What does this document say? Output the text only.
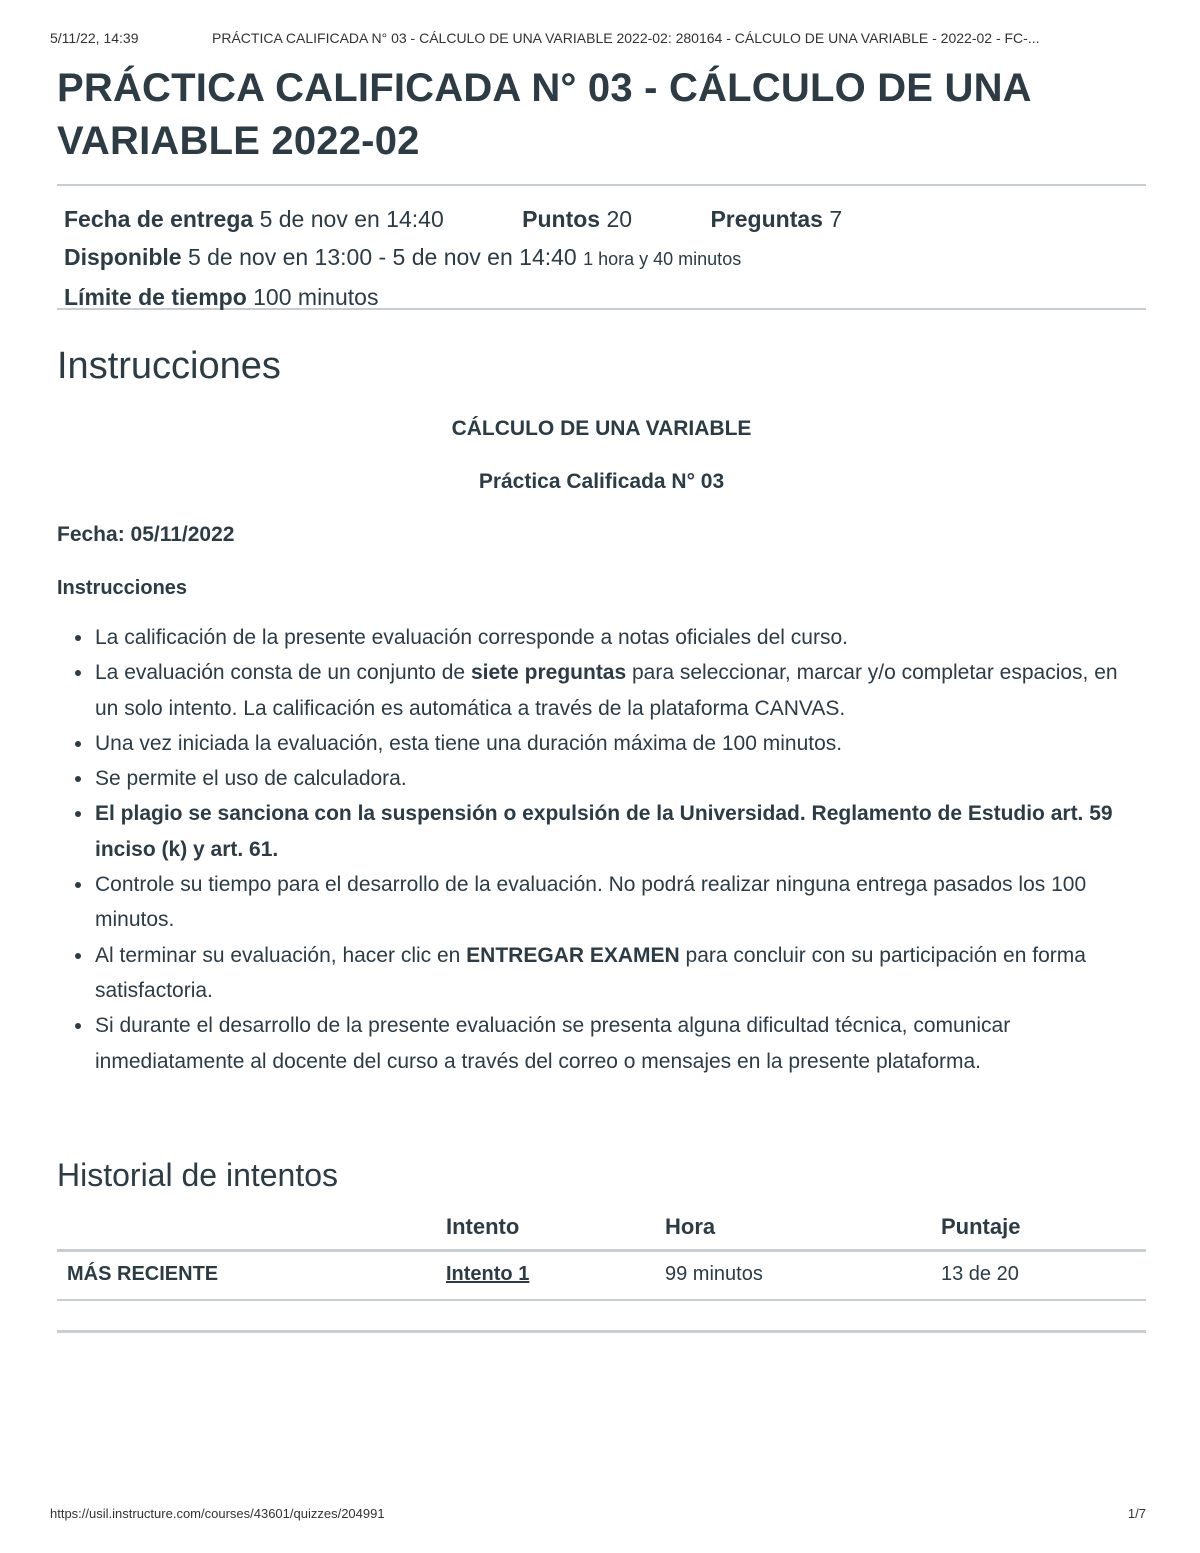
5/11/22, 14:39	PRÁCTICA CALIFICADA N° 03 - CÁLCULO DE UNA VARIABLE 2022-02: 280164 - CÁLCULO DE UNA VARIABLE - 2022-02 - FC-...
PRÁCTICA CALIFICADA N° 03 - CÁLCULO DE UNA
VARIABLE 2022-02
Fecha de entrega 5 de nov en 14:40	Puntos 20	Preguntas 7
Disponible 5 de nov en 13:00 - 5 de nov en 14:40 1 hora y 40 minutos
Límite de tiempo 100 minutos
Instrucciones
CÁLCULO DE UNA VARIABLE
Práctica Calificada N° 03
Fecha: 05/11/2022
Instrucciones
• La calificación de la presente evaluación corresponde a notas oficiales del curso.
• La evaluación consta de un conjunto de siete preguntas para seleccionar, marcar y/o completar espacios, en un solo intento. La calificación es automática a través de la plataforma CANVAS.
• Una vez iniciada la evaluación, esta tiene una duración máxima de 100 minutos.
• Se permite el uso de calculadora.
• El plagio se sanciona con la suspensión o expulsión de la Universidad. Reglamento de Estudio art. 59 inciso (k) y art. 61.
• Controle su tiempo para el desarrollo de la evaluación. No podrá realizar ninguna entrega pasados los 100 minutos.
• Al terminar su evaluación, hacer clic en ENTREGAR EXAMEN para concluir con su participación en forma satisfactoria.
• Si durante el desarrollo de la presente evaluación se presenta alguna dificultad técnica, comunicar inmediatamente al docente del curso a través del correo o mensajes en la presente plataforma.
Historial de intentos
	Intento	Hora	Puntaje
MÁS RECIENTE	Intento 1	99 minutos	13 de 20
https://usil.instructure.com/courses/43601/quizzes/204991	1/7
